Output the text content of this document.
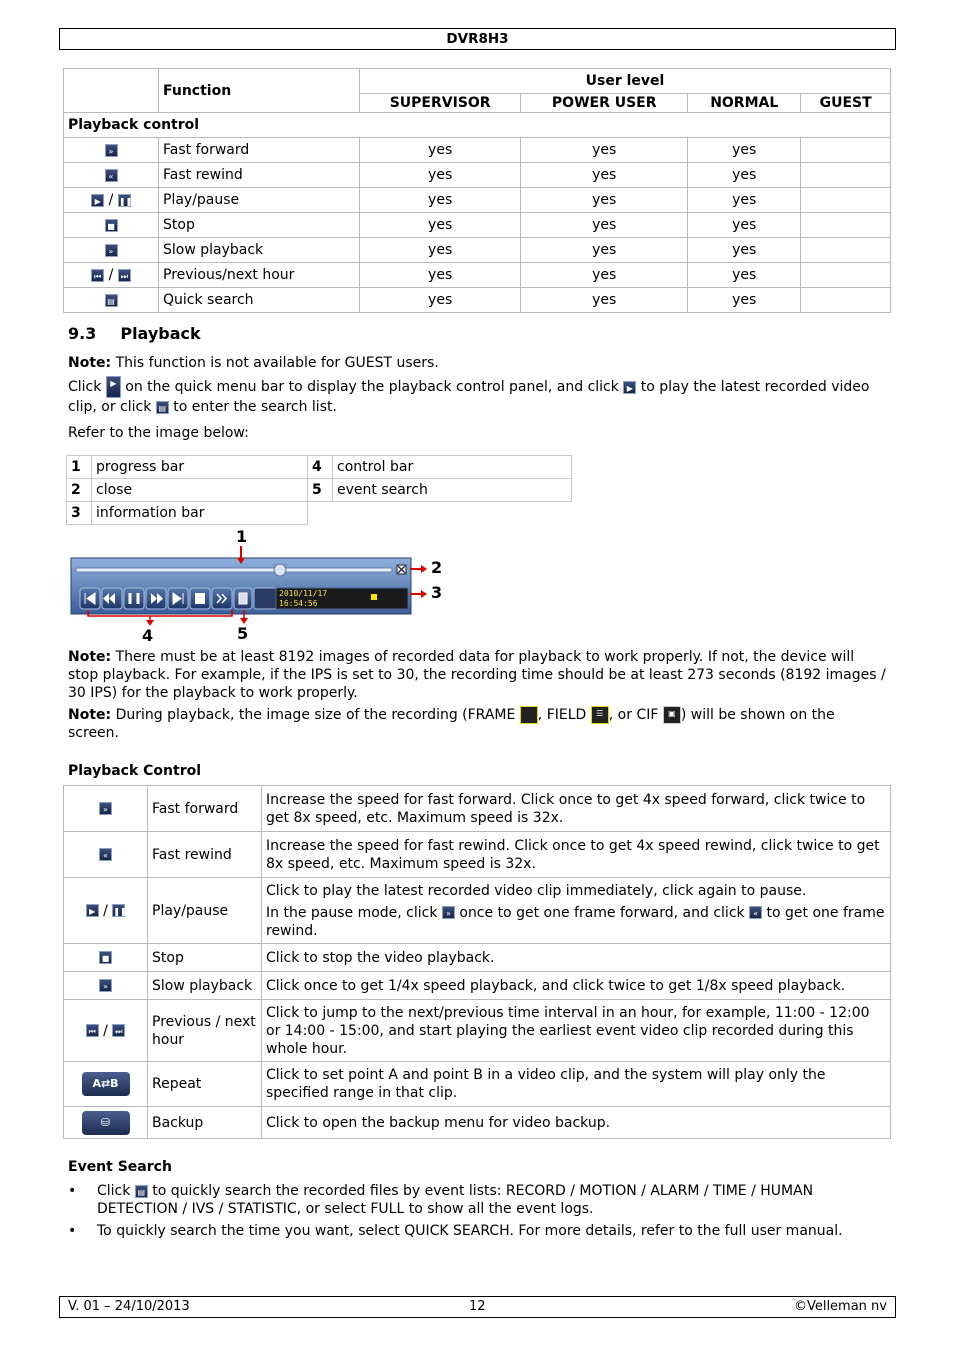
DVR8H3
	Function	User level			
		SUPERVISOR	POWER USER	NORMAL	GUEST
Playback control					
»	Fast forward	yes	yes	yes	
«	Fast rewind	yes	yes	yes	
▶ / ❚❚	Play/pause	yes	yes	yes	
■	Stop	yes	yes	yes	
»	Slow playback	yes	yes	yes	
⏮ / ⏭	Previous/next hour	yes	yes	yes	
▤	Quick search	yes	yes	yes	
9.3 Playback
Note: This function is not available for GUEST users.
Click ▶ on the quick menu bar to display the playback control panel, and click ▶ to play the latest recorded video clip, or click ▤ to enter the search list.
Refer to the image below:
1	progress bar	4	control bar
2	close	5	event search
3	information bar		
2010/11/17
16:54:56
1
2
3
4	5
Note: There must be at least 8192 images of recorded data for playback to work properly. If not, the device will stop playback. For example, if the IPS is set to 30, the recording time should be at least 273 seconds (8192 images / 30 IPS) for the playback to work properly.
Note: During playback, the image size of the recording (FRAME , FIELD ☰ , or CIF ▣ ) will be shown on the screen.
Playback Control
»	Fast forward	Increase the speed for fast forward. Click once to get 4x speed forward, click twice to get 8x speed, etc. Maximum speed is 32x.
«	Fast rewind	Increase the speed for fast rewind. Click once to get 4x speed rewind, click twice to get 8x speed, etc. Maximum speed is 32x.
▶ / ❚❚	Play/pause	Click to play the latest recorded video clip immediately, click again to pause.
In the pause mode, click » once to get one frame forward, and click « to get one frame rewind.

■	Stop	Click to stop the video playback.
»	Slow playback	Click once to get 1/4x speed playback, and click twice to get 1/8x speed playback.
⏮ / ⏭	Previous / next hour	Click to jump to the next/previous time interval in an hour, for example, 11:00 - 12:00 or 14:00 - 15:00, and start playing the earliest event video clip recorded during this whole hour.
A⇄B	Repeat	Click to set point A and point B in a video clip, and the system will play only the specified range in that clip.
⛁	Backup	Click to open the backup menu for video backup.
Event Search
• Click ▤ to quickly search the recorded files by event lists: RECORD / MOTION / ALARM / TIME / HUMAN DETECTION / IVS / STATISTIC, or select FULL to show all the event logs.
• To quickly search the time you want, select QUICK SEARCH. For more details, refer to the full user manual.
V. 01 – 24/10/2013	12	©Velleman nv
